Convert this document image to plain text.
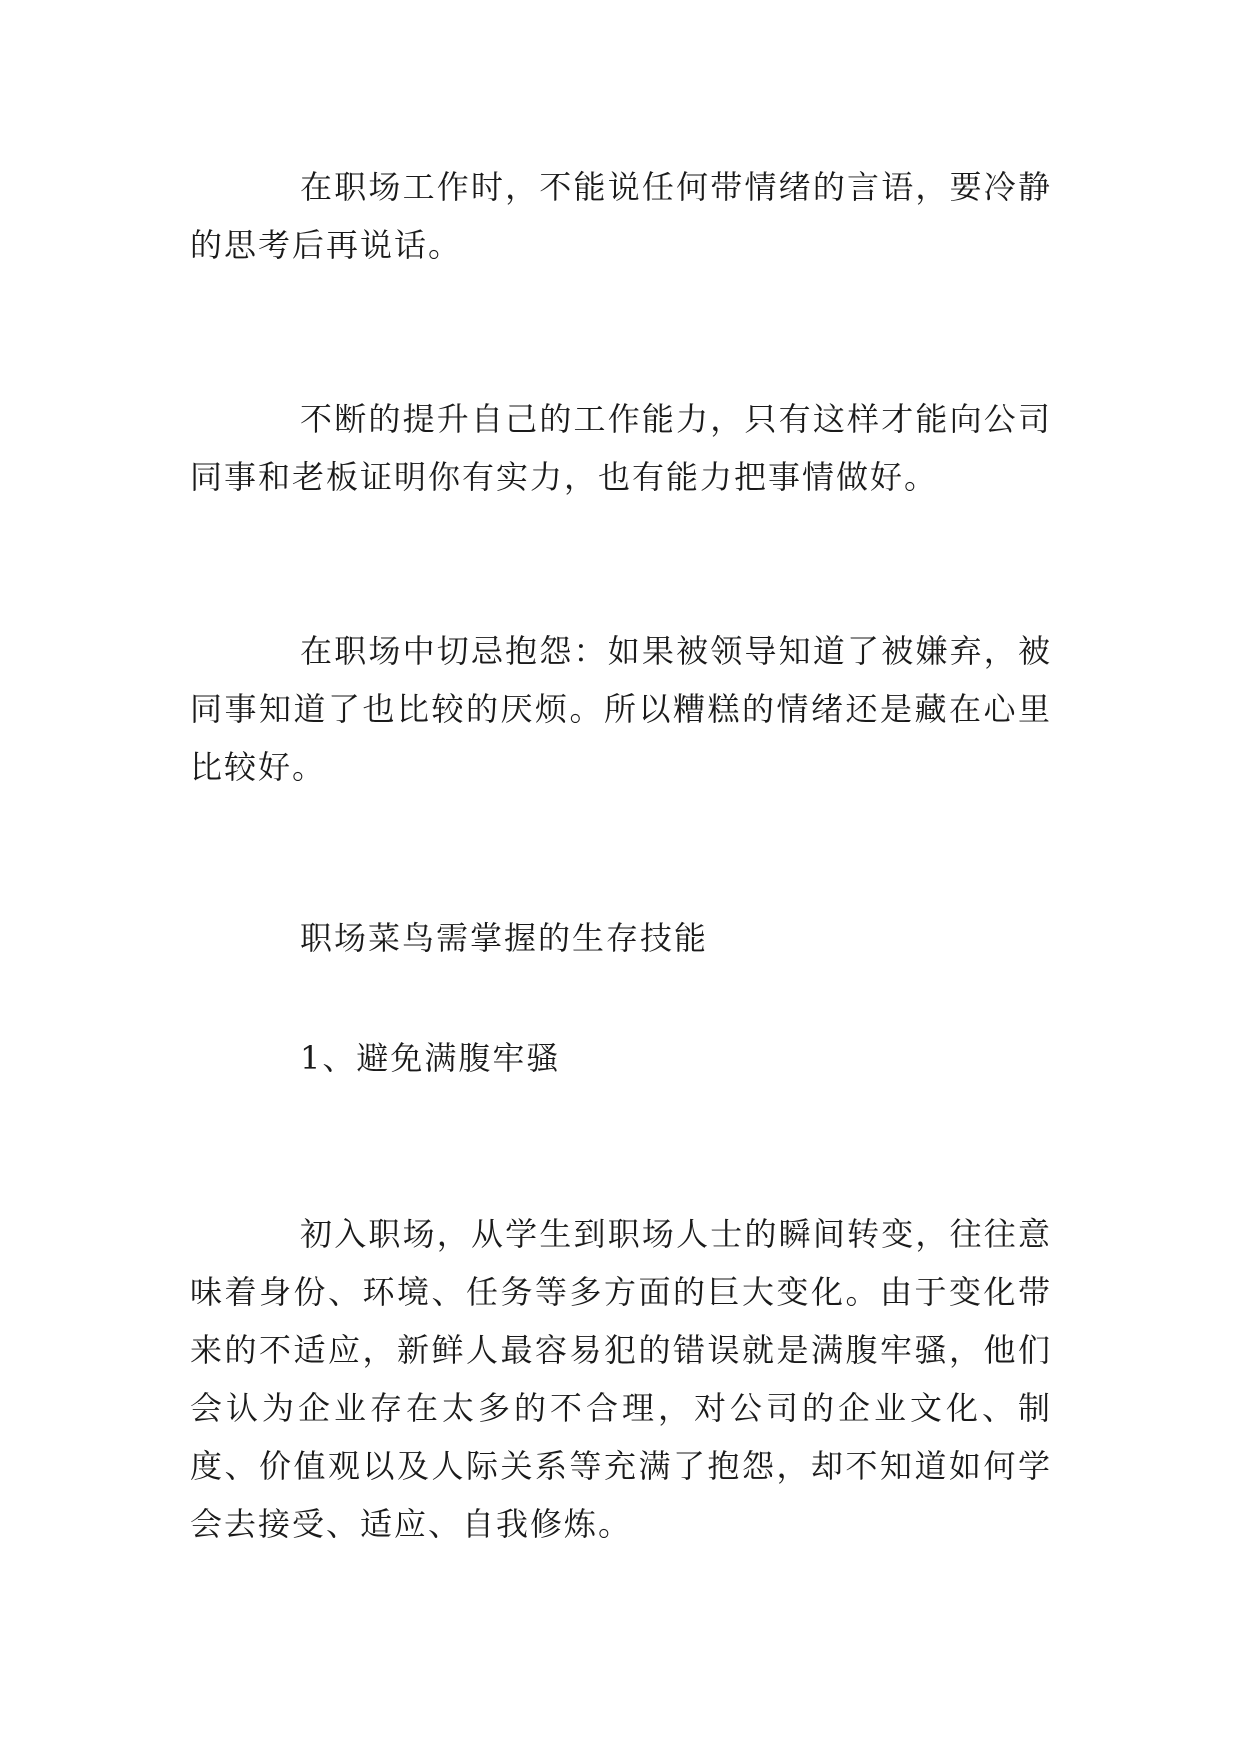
在职场工作时，不能说任何带情绪的言语，要冷静的思考后再说话。

不断的提升自己的工作能力，只有这样才能向公司同事和老板证明你有实力，也有能力把事情做好。

在职场中切忌抱怨：如果被领导知道了被嫌弃，被同事知道了也比较的厌烦。所以糟糕的情绪还是藏在心里比较好。

职场菜鸟需掌握的生存技能

1、避免满腹牢骚

初入职场，从学生到职场人士的瞬间转变，往往意味着身份、环境、任务等多方面的巨大变化。由于变化带来的不适应，新鲜人最容易犯的错误就是满腹牢骚，他们会认为企业存在太多的不合理，对公司的企业文化、制度、价值观以及人际关系等充满了抱怨，却不知道如何学会去接受、适应、自我修炼。
